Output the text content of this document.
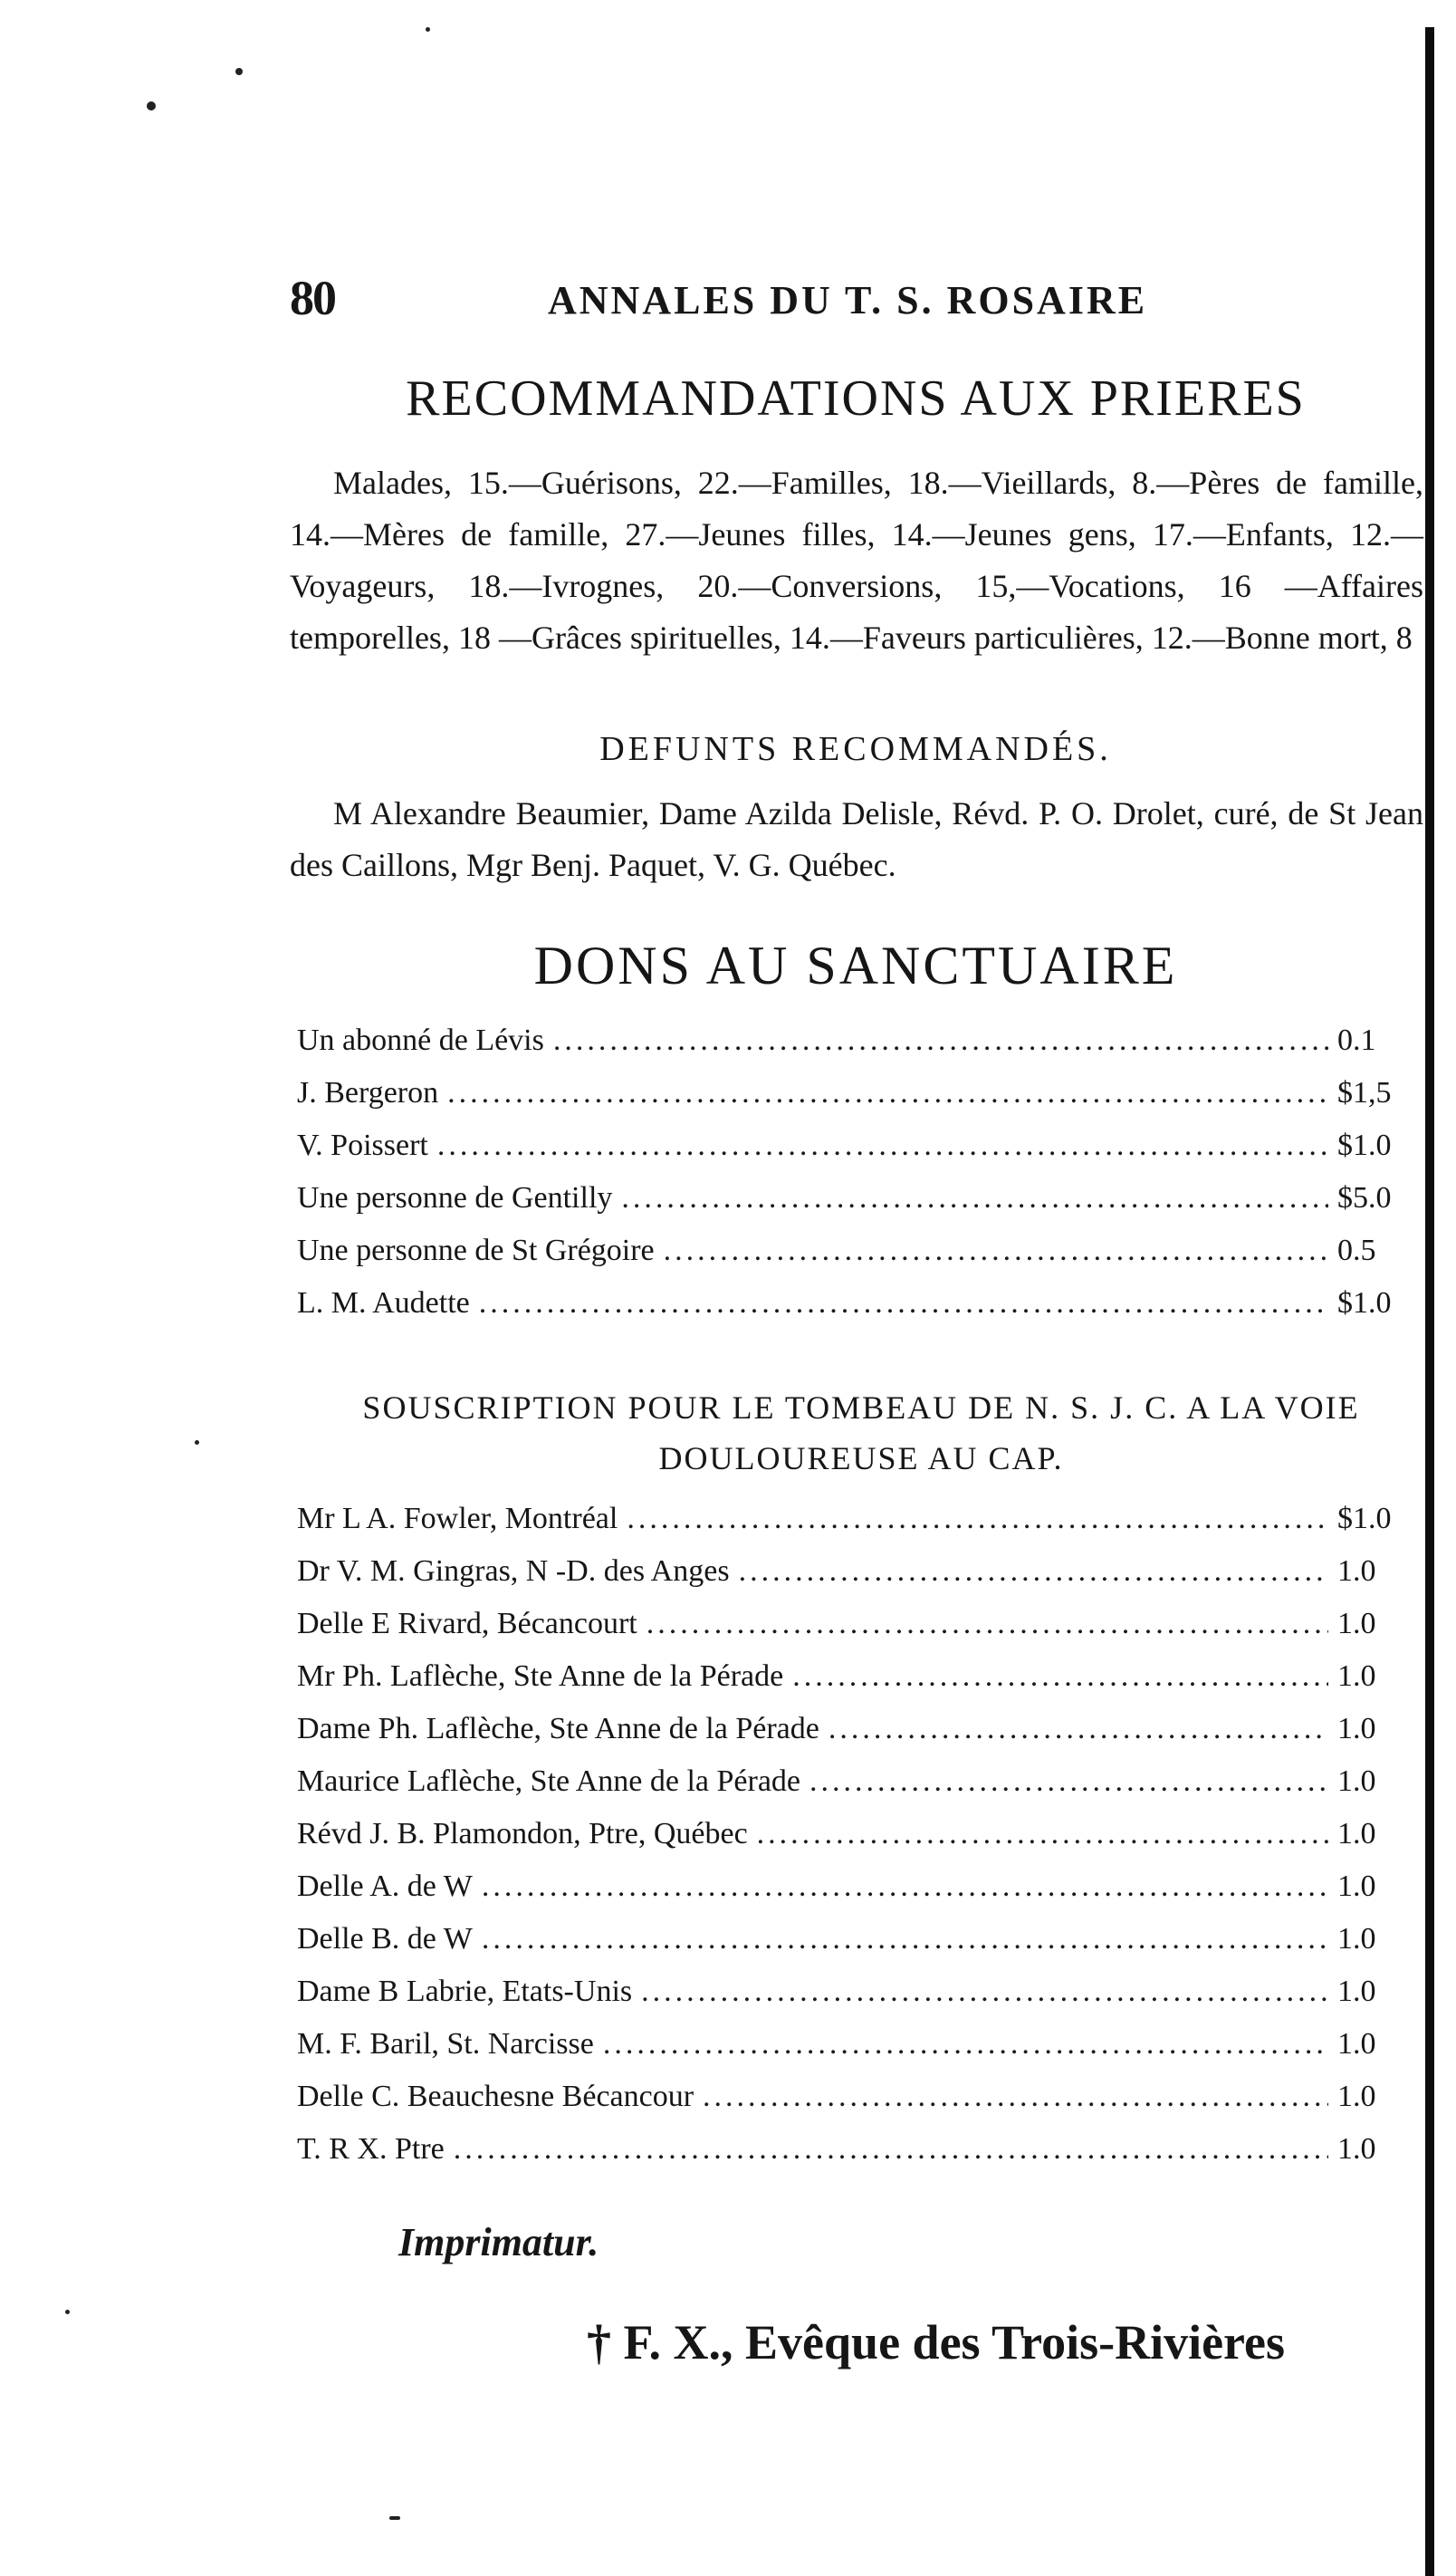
80	ANNALES DU T. S. ROSAIRE
RECOMMANDATIONS AUX PRIERES
Malades, 15.—Guérisons, 22.—Familles, 18.—Vieillards, 8.—Pères de famille, 14.—Mères de famille, 27.—Jeunes filles, 14.—Jeunes gens, 17.—Enfants, 12.—Voyageurs, 18.—Ivrognes, 20.—Conversions, 15,—Vocations, 16 —Affaires temporelles, 18 —Grâces spirituelles, 14.—Faveurs particulières, 12.—Bonne mort, 8
DEFUNTS RECOMMANDÉS.
M Alexandre Beaumier, Dame Azilda Delisle, Révd. P. O. Drolet, curé, de St Jean des Caillons, Mgr Benj. Paquet, V. G. Québec.
DONS AU SANCTUAIRE
Un abonné de Lévis .....	0.1
J. Bergeron .....	$1,5
V. Poissert .....	$1.0
Une personne de Gentilly .....	$5.0
Une personne de St Grégoire .....	0.5
L. M. Audette .....	$1.0
SOUSCRIPTION POUR LE TOMBEAU DE N. S. J. C. A LA VOIE DOULOUREUSE AU CAP.
Mr L A. Fowler, Montréal .....	$1.0
Dr V. M. Gingras, N -D. des Anges .....	1.0
Delle E Rivard, Bécancourt .....	1.0
Mr Ph. Laflèche, Ste Anne de la Pérade .....	1.0
Dame Ph. Laflèche, Ste Anne de la Pérade .....	1.0
Maurice Laflèche, Ste Anne de la Pérade .....	1.0
Révd J. B. Plamondon, Ptre, Québec .....	1.0
Delle A. de W .....	1.0
Delle B. de W .....	1.0
Dame B Labrie, Etats-Unis .....	1.0
M. F. Baril, St. Narcisse .....	1.0
Delle C. Beauchesne Bécancour .....	1.0
T. R X. Ptre .....	1.0
Imprimatur.
† F. X., Evêque des Trois-Rivières
